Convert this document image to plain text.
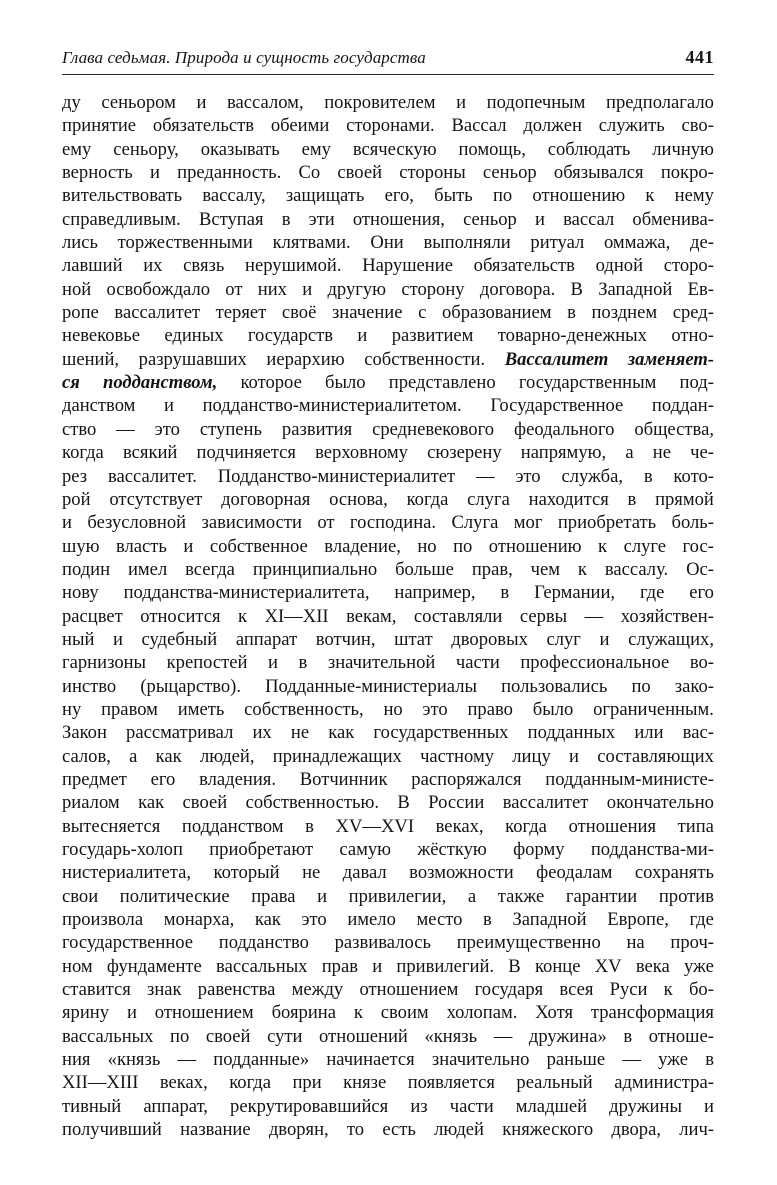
Глава седьмая. Природа и сущность государства	441
ду сеньором и вассалом, покровителем и подопечным предполагало
принятие обязательств обеими сторонами. Вассал должен служить сво-
ему сеньору, оказывать ему всяческую помощь, соблюдать личную
верность и преданность. Со своей стороны сеньор обязывался покро-
вительствовать вассалу, защищать его, быть по отношению к нему
справедливым. Вступая в эти отношения, сеньор и вассал обменива-
лись торжественными клятвами. Они выполняли ритуал оммажа, де-
лавший их связь нерушимой. Нарушение обязательств одной сторо-
ной освобождало от них и другую сторону договора. В Западной Ев-
ропе вассалитет теряет своё значение с образованием в позднем сред-
невековье единых государств и развитием товарно-денежных отно-
шений, разрушавших иерархию собственности. Вассалитет заменяет-
ся подданством, которое было представлено государственным под-
данством и подданство-министериалитетом. Государственное поддан-
ство — это ступень развития средневекового феодального общества,
когда всякий подчиняется верховному сюзерену напрямую, а не че-
рез вассалитет. Подданство-министериалитет — это служба, в кото-
рой отсутствует договорная основа, когда слуга находится в прямой
и безусловной зависимости от господина. Слуга мог приобретать боль-
шую власть и собственное владение, но по отношению к слуге гос-
подин имел всегда принципиально больше прав, чем к вассалу. Ос-
нову подданства-министериалитета, например, в Германии, где его
расцвет относится к XI—XII векам, составляли сервы — хозяйствен-
ный и судебный аппарат вотчин, штат дворовых слуг и служащих,
гарнизоны крепостей и в значительной части профессиональное во-
инство (рыцарство). Подданные-министериалы пользовались по зако-
ну правом иметь собственность, но это право было ограниченным.
Закон рассматривал их не как государственных подданных или вас-
салов, а как людей, принадлежащих частному лицу и составляющих
предмет его владения. Вотчинник распоряжался подданным-министе-
риалом как своей собственностью. В России вассалитет окончательно
вытесняется подданством в XV—XVI веках, когда отношения типа
государь-холоп приобретают самую жёсткую форму подданства-ми-
нистериалитета, который не давал возможности феодалам сохранять
свои политические права и привилегии, а также гарантии против
произвола монарха, как это имело место в Западной Европе, где
государственное подданство развивалось преимущественно на проч-
ном фундаменте вассальных прав и привилегий. В конце XV века уже
ставится знак равенства между отношением государя всея Руси к бо-
ярину и отношением боярина к своим холопам. Хотя трансформация
вассальных по своей сути отношений «князь — дружина» в отноше-
ния «князь — подданные» начинается значительно раньше — уже в
XII—XIII веках, когда при князе появляется реальный администра-
тивный аппарат, рекрутировавшийся из части младшей дружины и
получивший название дворян, то есть людей княжеского двора, лич-
